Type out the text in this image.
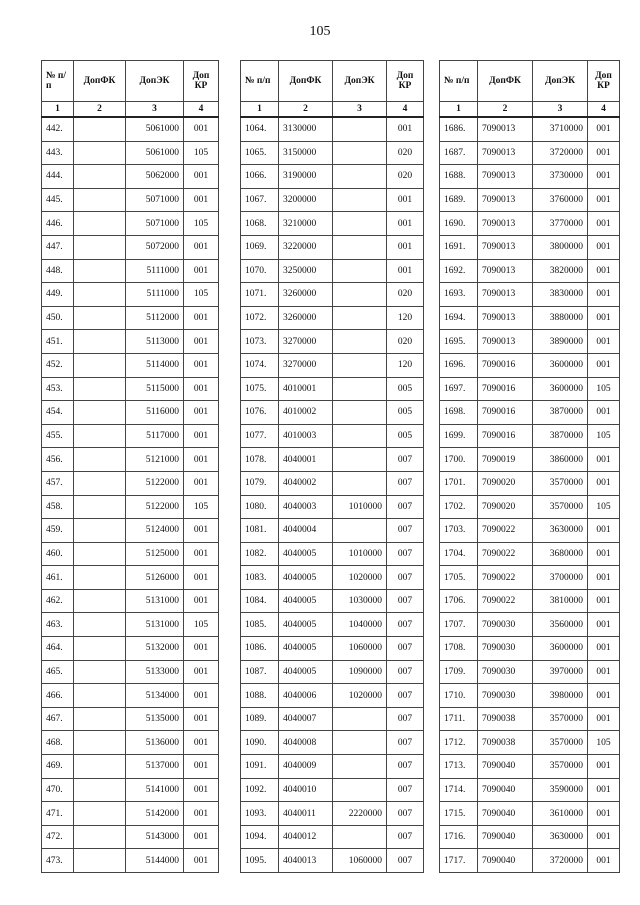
105
№ п/п	ДопФК	ДопЭК	Доп КР
1	2	3	4
442.		5061000	001
443.		5061000	105
444.		5062000	001
445.		5071000	001
446.		5071000	105
447.		5072000	001
448.		5111000	001
449.		5111000	105
450.		5112000	001
451.		5113000	001
452.		5114000	001
453.		5115000	001
454.		5116000	001
455.		5117000	001
456.		5121000	001
457.		5122000	001
458.		5122000	105
459.		5124000	001
460.		5125000	001
461.		5126000	001
462.		5131000	001
463.		5131000	105
464.		5132000	001
465.		5133000	001
466.		5134000	001
467.		5135000	001
468.		5136000	001
469.		5137000	001
470.		5141000	001
471.		5142000	001
472.		5143000	001
473.		5144000	001
№ п/п	ДопФК	ДопЭК	Доп КР
1	2	3	4
1064.	3130000		001
1065.	3150000		020
1066.	3190000		020
1067.	3200000		001
1068.	3210000		001
1069.	3220000		001
1070.	3250000		001
1071.	3260000		020
1072.	3260000		120
1073.	3270000		020
1074.	3270000		120
1075.	4010001		005
1076.	4010002		005
1077.	4010003		005
1078.	4040001		007
1079.	4040002		007
1080.	4040003	1010000	007
1081.	4040004		007
1082.	4040005	1010000	007
1083.	4040005	1020000	007
1084.	4040005	1030000	007
1085.	4040005	1040000	007
1086.	4040005	1060000	007
1087.	4040005	1090000	007
1088.	4040006	1020000	007
1089.	4040007		007
1090.	4040008		007
1091.	4040009		007
1092.	4040010		007
1093.	4040011	2220000	007
1094.	4040012		007
1095.	4040013	1060000	007
№ п/п	ДопФК	ДопЭК	Доп КР
1	2	3	4
1686.	7090013	3710000	001
1687.	7090013	3720000	001
1688.	7090013	3730000	001
1689.	7090013	3760000	001
1690.	7090013	3770000	001
1691.	7090013	3800000	001
1692.	7090013	3820000	001
1693.	7090013	3830000	001
1694.	7090013	3880000	001
1695.	7090013	3890000	001
1696.	7090016	3600000	001
1697.	7090016	3600000	105
1698.	7090016	3870000	001
1699.	7090016	3870000	105
1700.	7090019	3860000	001
1701.	7090020	3570000	001
1702.	7090020	3570000	105
1703.	7090022	3630000	001
1704.	7090022	3680000	001
1705.	7090022	3700000	001
1706.	7090022	3810000	001
1707.	7090030	3560000	001
1708.	7090030	3600000	001
1709.	7090030	3970000	001
1710.	7090030	3980000	001
1711.	7090038	3570000	001
1712.	7090038	3570000	105
1713.	7090040	3570000	001
1714.	7090040	3590000	001
1715.	7090040	3610000	001
1716.	7090040	3630000	001
1717.	7090040	3720000	001
